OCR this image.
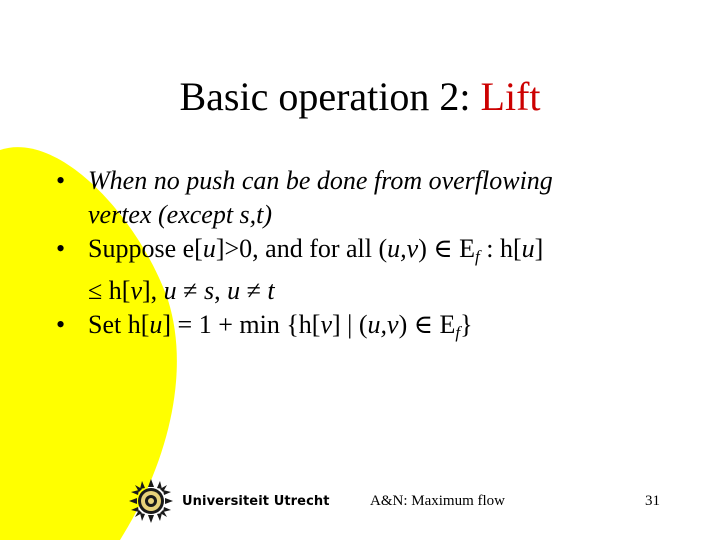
Basic operation 2: Lift
• When no push can be done from overflowing
vertex (except s,t)
• Suppose e[u]>0, and for all (u,v) ∈ $E_f$ : h[u]
≤ h[v], u ≠ s, u ≠ t
• Set h[u] = 1 + min {h[v] | (u,v) ∈ $E_f$}
Universiteit Utrecht	A&N: Maximum flow	31
